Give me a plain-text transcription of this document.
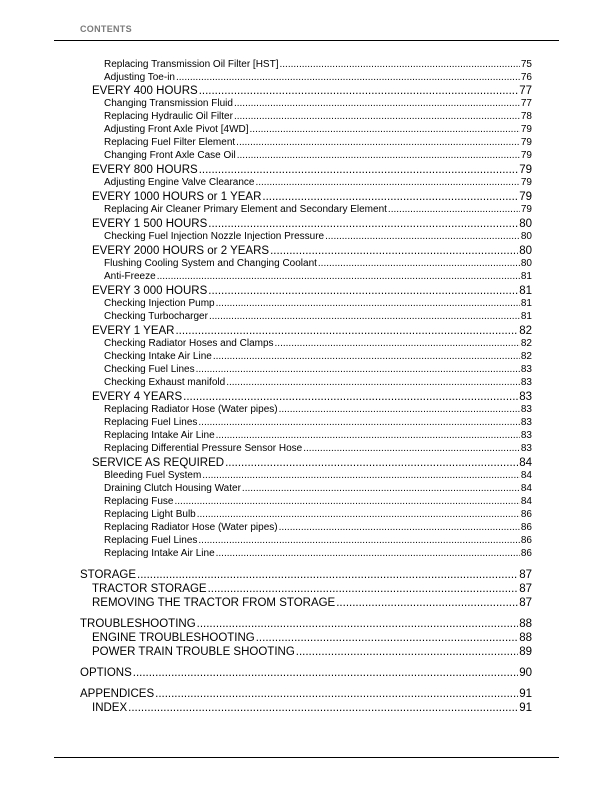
CONTENTS
Replacing Transmission Oil Filter [HST] .....	75
Adjusting Toe-in .....	76
EVERY 400 HOURS .....	77
Changing Transmission Fluid .....	77
Replacing Hydraulic Oil Filter .....	78
Adjusting Front Axle Pivot [4WD] .....	79
Replacing Fuel Filter Element .....	79
Changing Front Axle Case Oil .....	79
EVERY 800 HOURS .....	79
Adjusting Engine Valve Clearance .....	79
EVERY 1000 HOURS or 1 YEAR .....	79
Replacing Air Cleaner Primary Element and Secondary Element .....	79
EVERY 1 500 HOURS .....	80
Checking Fuel Injection Nozzle Injection Pressure .....	80
EVERY 2000 HOURS or 2 YEARS .....	80
Flushing Cooling System and Changing Coolant .....	80
Anti-Freeze .....	81
EVERY 3 000 HOURS .....	81
Checking Injection Pump .....	81
Checking Turbocharger .....	81
EVERY 1 YEAR .....	82
Checking Radiator Hoses and Clamps .....	82
Checking Intake Air Line .....	82
Checking Fuel Lines .....	83
Checking Exhaust manifold .....	83
EVERY 4 YEARS .....	83
Replacing Radiator Hose (Water pipes) .....	83
Replacing Fuel Lines .....	83
Replacing Intake Air Line .....	83
Replacing Differential Pressure Sensor Hose .....	83
SERVICE AS REQUIRED .....	84
Bleeding Fuel System .....	84
Draining Clutch Housing Water .....	84
Replacing Fuse .....	84
Replacing Light Bulb .....	86
Replacing Radiator Hose (Water pipes) .....	86
Replacing Fuel Lines .....	86
Replacing Intake Air Line .....	86
STORAGE .....	87
TRACTOR STORAGE .....	87
REMOVING THE TRACTOR FROM STORAGE .....	87
TROUBLESHOOTING .....	88
ENGINE TROUBLESHOOTING .....	88
POWER TRAIN TROUBLE SHOOTING .....	89
OPTIONS .....	90
APPENDICES .....	91
INDEX .....	91
